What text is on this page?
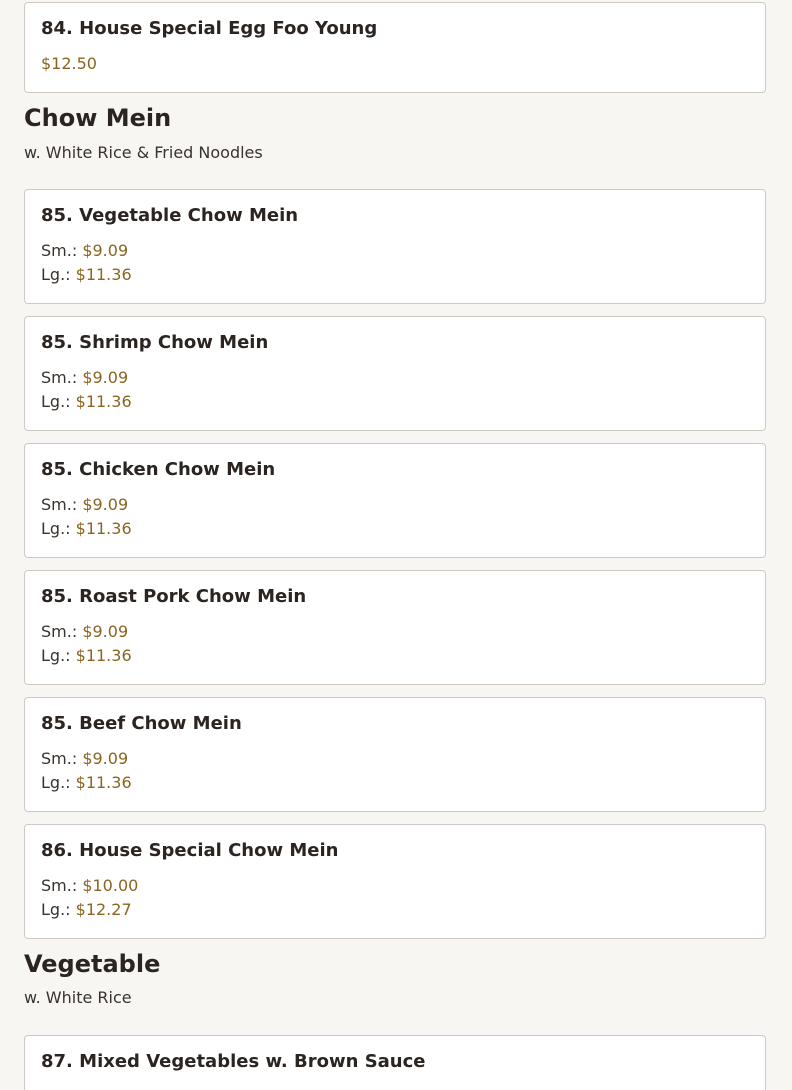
84. House Special Egg Foo Young
$12.50
Chow Mein
w. White Rice & Fried Noodles
85. Vegetable Chow Mein
Sm.: $9.09
Lg.: $11.36
85. Shrimp Chow Mein
Sm.: $9.09
Lg.: $11.36
85. Chicken Chow Mein
Sm.: $9.09
Lg.: $11.36
85. Roast Pork Chow Mein
Sm.: $9.09
Lg.: $11.36
85. Beef Chow Mein
Sm.: $9.09
Lg.: $11.36
86. House Special Chow Mein
Sm.: $10.00
Lg.: $12.27
Vegetable
w. White Rice
87. Mixed Vegetables w. Brown Sauce
